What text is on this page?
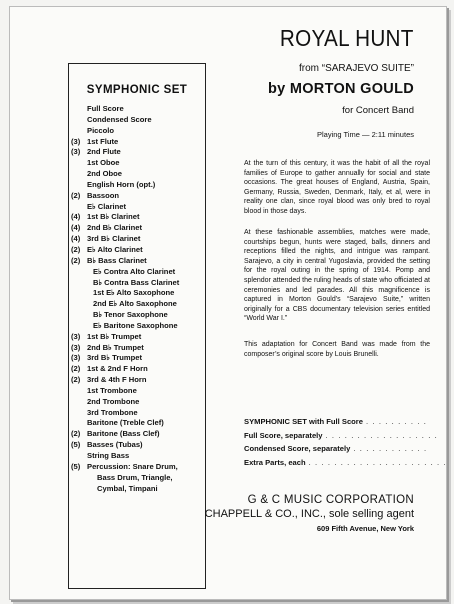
SYMPHONIC SET
Full Score
Condensed Score
Piccolo
(3) 1st Flute
(3) 2nd Flute
1st Oboe
2nd Oboe
English Horn (opt.)
(2) Bassoon
E♭ Clarinet
(4) 1st B♭ Clarinet
(4) 2nd B♭ Clarinet
(4) 3rd B♭ Clarinet
(2) E♭ Alto Clarinet
(2) B♭ Bass Clarinet
E♭ Contra Alto Clarinet
B♭ Contra Bass Clarinet
1st E♭ Alto Saxophone
2nd E♭ Alto Saxophone
B♭ Tenor Saxophone
E♭ Baritone Saxophone
(3) 1st B♭ Trumpet
(3) 2nd B♭ Trumpet
(3) 3rd B♭ Trumpet
(2) 1st & 2nd F Horn
(2) 3rd & 4th F Horn
1st Trombone
2nd Trombone
3rd Trombone
Baritone (Treble Clef)
(2) Baritone (Bass Clef)
(5) Basses (Tubas)
String Bass
(5) Percussion: Snare Drum,
Bass Drum, Triangle,
Cymbal, Timpani
ROYAL HUNT
from “SARAJEVO SUITE”
by MORTON GOULD
for Concert Band
Playing Time — 2:11 minutes
At the turn of this century, it was the habit of all the royal families of Europe to gather annually for social and state occasions. The great houses of England, Austria, Spain, Germany, Russia, Sweden, Denmark, Italy, et al, were in reality one clan, since royal blood was only bred to royal blood in those days.
At these fashionable assemblies, matches were made, courtships begun, hunts were staged, balls, dinners and receptions filled the nights, and intrigue was rampant. Sarajevo, a city in central Yugoslavia, provided the setting for the royal outing in the spring of 1914. Pomp and splendor attended the ruling heads of state who officiated at ceremonies and led parades. All this magnificence is captured in Morton Gould’s “Sarajevo Suite,” written originally for a CBS documentary television series entitled “World War I.”
This adaptation for Concert Band was made from the composer’s original score by Louis Brunelli.
SYMPHONIC SET with Full Score . . . . . . . . . .
Full Score, separately . . . . . . . . . . . . . . . . . .
Condensed Score, separately . . . . . . . . . . . .
Extra Parts, each . . . . . . . . . . . . . . . . . . . . . .
G & C MUSIC CORPORATION
CHAPPELL & CO., INC., sole selling agent
609 Fifth Avenue, New York
